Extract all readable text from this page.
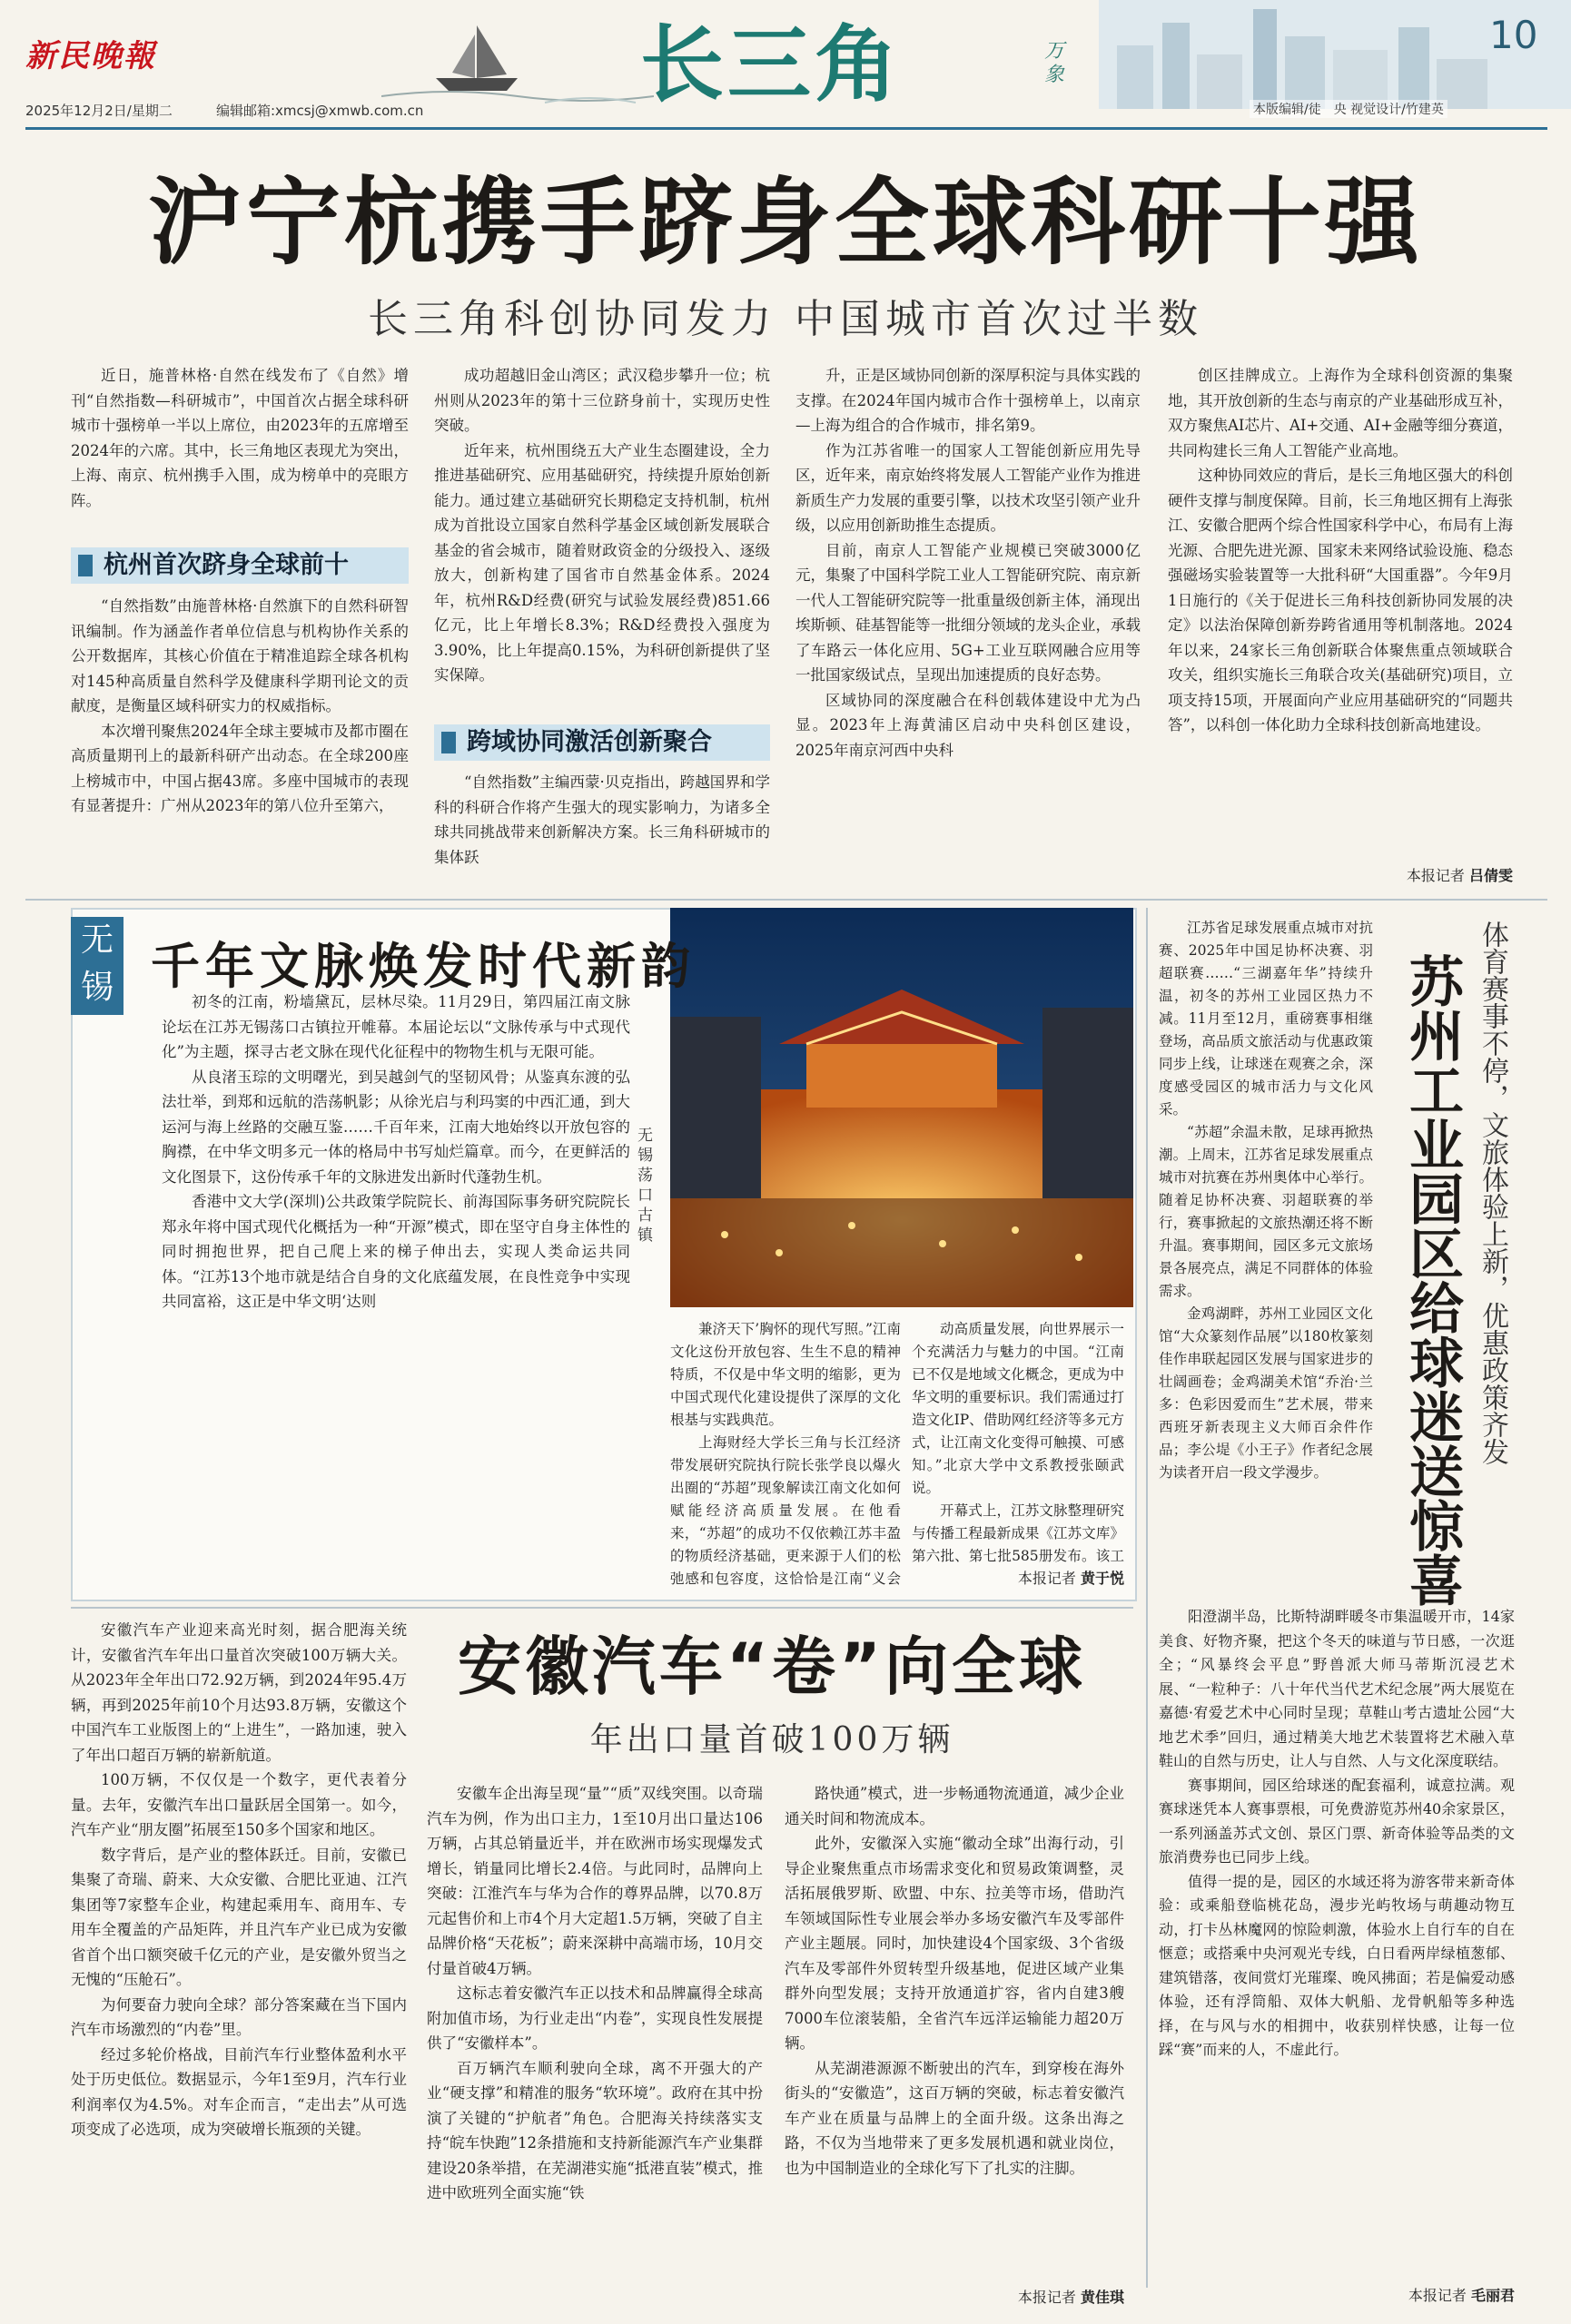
新民晚報
2025年12月2日/星期二	编辑邮箱:xmcsj@xmwb.com.cn	长三角	万象
10
本版编辑/徒　央 视觉设计/竹建英
沪宁杭携手跻身全球科研十强
长三角科创协同发力 中国城市首次过半数

近日，施普林格·自然在线发布了《自然》增刊“自然指数—科研城市”，中国首次占据全球科研城市十强榜单一半以上席位，由2023年的五席增至2024年的六席。其中，长三角地区表现尤为突出，上海、南京、杭州携手入围，成为榜单中的亮眼方阵。

杭州首次跻身全球前十

“自然指数”由施普林格·自然旗下的自然科研智讯编制。作为涵盖作者单位信息与机构协作关系的公开数据库，其核心价值在于精准追踪全球各机构对145种高质量自然科学及健康科学期刊论文的贡献度，是衡量区域科研实力的权威指标。

本次增刊聚焦2024年全球主要城市及都市圈在高质量期刊上的最新科研产出动态。在全球200座上榜城市中，中国占据43席。多座中国城市的表现有显著提升：广州从2023年的第八位升至第六，

成功超越旧金山湾区；武汉稳步攀升一位；杭州则从2023年的第十三位跻身前十，实现历史性突破。

近年来，杭州围绕五大产业生态圈建设，全力推进基础研究、应用基础研究，持续提升原始创新能力。通过建立基础研究长期稳定支持机制，杭州成为首批设立国家自然科学基金区域创新发展联合基金的省会城市，随着财政资金的分级投入、逐级放大，创新构建了国省市自然基金体系。2024年，杭州R&D经费(研究与试验发展经费)851.66亿元，比上年增长8.3%；R&D经费投入强度为3.90%，比上年提高0.15%，为科研创新提供了坚实保障。

跨域协同激活创新聚合

“自然指数”主编西蒙·贝克指出，跨越国界和学科的科研合作将产生强大的现实影响力，为诸多全球共同挑战带来创新解决方案。长三角科研城市的集体跃

升，正是区域协同创新的深厚积淀与具体实践的支撑。在2024年国内城市合作十强榜单上，以南京—上海为组合的合作城市，排名第9。

作为江苏省唯一的国家人工智能创新应用先导区，近年来，南京始终将发展人工智能产业作为推进新质生产力发展的重要引擎，以技术攻坚引领产业升级，以应用创新助推生态提质。

目前，南京人工智能产业规模已突破3000亿元，集聚了中国科学院工业人工智能研究院、南京新一代人工智能研究院等一批重量级创新主体，涌现出埃斯顿、硅基智能等一批细分领域的龙头企业，承载了车路云一体化应用、5G+工业互联网融合应用等一批国家级试点，呈现出加速提质的良好态势。

区域协同的深度融合在科创载体建设中尤为凸显。2023年上海黄浦区启动中央科创区建设，2025年南京河西中央科

创区挂牌成立。上海作为全球科创资源的集聚地，其开放创新的生态与南京的产业基础形成互补，双方聚焦AI芯片、AI+交通、AI+金融等细分赛道，共同构建长三角人工智能产业高地。

这种协同效应的背后，是长三角地区强大的科创硬件支撑与制度保障。目前，长三角地区拥有上海张江、安徽合肥两个综合性国家科学中心，布局有上海光源、合肥先进光源、国家未来网络试验设施、稳态强磁场实验装置等一大批科研“大国重器”。今年9月1日施行的《关于促进长三角科技创新协同发展的决定》以法治保障创新券跨省通用等机制落地。2024年以来，24家长三角创新联合体聚焦重点领域联合攻关，组织实施长三角联合攻关(基础研究)项目，立项支持15项，开展面向产业应用基础研究的“同题共答”，以科创一体化助力全球科技创新高地建设。

本报记者 吕倩雯
无
锡 千年文脉焕发时代新韵
无锡荡口古镇

初冬的江南，粉墙黛瓦，层林尽染。11月29日，第四届江南文脉论坛在江苏无锡荡口古镇拉开帷幕。本届论坛以“文脉传承与中式现代化”为主题，探寻古老文脉在现代化征程中的物物生机与无限可能。

从良渚玉琮的文明曙光，到吴越剑气的坚韧风骨；从鉴真东渡的弘法壮举，到郑和远航的浩荡帆影；从徐光启与利玛窦的中西汇通，到大运河与海上丝路的交融互鉴……千百年来，江南大地始终以开放包容的胸襟，在中华文明多元一体的格局中书写灿烂篇章。而今，在更鲜活的文化图景下，这份传承千年的文脉进发出新时代蓬勃生机。

香港中文大学(深圳)公共政策学院院长、前海国际事务研究院院长郑永年将中国式现代化概括为一种“开源”模式，即在坚守自身主体性的同时拥抱世界，把自己爬上来的梯子伸出去，实现人类命运共同体。“江苏13个地市就是结合自身的文化底蕴发展，在良性竞争中实现共同富裕，这正是中华文明‘达则

兼济天下’胸怀的现代写照。”江南文化这份开放包容、生生不息的精神特质，不仅是中华文明的缩影，更为中国式现代化建设提供了深厚的文化根基与实践典范。

上海财经大学长三角与长江经济带发展研究院执行院长张学良以爆火出圈的“苏超”现象解读江南文化如何赋能经济高质量发展。在他看来，“苏超”的成功不仅依赖江苏丰盈的物质经济基础，更来源于人们的松弛感和包容度，这恰恰是江南“义会

动高质量发展，向世界展示一个充满活力与魅力的中国。“江南已不仅是地域文化概念，更成为中华文明的重要标识。我们需通过打造文化IP、借助网红经济等多元方式，让江南文化变得可触摸、可感知。”北京大学中文系教授张颐武说。

开幕式上，江苏文脉整理研究与传播工程最新成果《江苏文库》第六批、第七批585册发布。该工

本报记者 黄于悦

江苏省足球发展重点城市对抗赛、2025年中国足协杯决赛、羽超联赛……“三湖嘉年华”持续升温，初冬的苏州工业园区热力不减。11月至12月，重磅赛事相继登场，高品质文旅活动与优惠政策同步上线，让球迷在观赛之余，深度感受园区的城市活力与文化风采。

“苏超”余温未散，足球再掀热潮。上周末，江苏省足球发展重点城市对抗赛在苏州奥体中心举行。随着足协杯决赛、羽超联赛的举行，赛事掀起的文旅热潮还将不断升温。赛事期间，园区多元文旅场景各展亮点，满足不同群体的体验需求。

金鸡湖畔，苏州工业园区文化馆“大众篆刻作品展”以180枚篆刻佳作串联起园区发展与国家进步的壮阔画卷；金鸡湖美术馆“乔治·兰多：色彩因爱而生”艺术展，带来西班牙新表现主义大师百余件作品；李公堤《小王子》作者纪念展为读者开启一段文学漫步。

体育赛事不停，文旅体验上新，优惠政策齐发
苏州工业园区给球迷送惊喜

阳澄湖半岛，比斯特湖畔暖冬市集温暖开市，14家美食、好物齐聚，把这个冬天的味道与节日感，一次逛全；“风暴终会平息”野兽派大师马蒂斯沉浸艺术展、“一粒种子：八十年代当代艺术纪念展”两大展览在嘉德·宥爱艺术中心同时呈现；草鞋山考古遗址公园“大地艺术季”回归，通过精美大地艺术装置将艺术融入草鞋山的自然与历史，让人与自然、人与文化深度联结。

赛事期间，园区给球迷的配套福利，诚意拉满。观赛球迷凭本人赛事票根，可免费游览苏州40余家景区，一系列涵盖苏式文创、景区门票、新奇体验等品类的文旅消费券也已同步上线。

值得一提的是，园区的水域还将为游客带来新奇体验：或乘船登临桃花岛，漫步光屿牧场与萌趣动物互动，打卡丛林魔网的惊险刺激，体验水上自行车的自在惬意；或搭乘中央河观光专线，白日看两岸绿植葱郁、建筑错落，夜间赏灯光璀璨、晚风拂面；若是偏爱动感体验，还有浮筒船、双体大帆船、龙骨帆船等多种选择，在与风与水的相拥中，收获别样快感，让每一位踩“赛”而来的人，不虚此行。

本报记者 毛丽君

安徽汽车产业迎来高光时刻，据合肥海关统计，安徽省汽车年出口量首次突破100万辆大关。从2023年全年出口72.92万辆，到2024年95.4万辆，再到2025年前10个月达93.8万辆，安徽这个中国汽车工业版图上的“上进生”，一路加速，驶入了年出口超百万辆的崭新航道。

100万辆，不仅仅是一个数字，更代表着分量。去年，安徽汽车出口量跃居全国第一。如今，汽车产业“朋友圈”拓展至150多个国家和地区。

数字背后，是产业的整体跃迁。目前，安徽已集聚了奇瑞、蔚来、大众安徽、合肥比亚迪、江汽集团等7家整车企业，构建起乘用车、商用车、专用车全覆盖的产品矩阵，并且汽车产业已成为安徽省首个出口额突破千亿元的产业，是安徽外贸当之无愧的“压舱石”。

为何要奋力驶向全球？部分答案藏在当下国内汽车市场激烈的“内卷”里。

经过多轮价格战，目前汽车行业整体盈利水平处于历史低位。数据显示，今年1至9月，汽车行业利润率仅为4.5%。对车企而言，“走出去”从可选项变成了必选项，成为突破增长瓶颈的关键。

安徽汽车“卷”向全球
年出口量首破100万辆

安徽车企出海呈现“量”“质”双线突围。以奇瑞汽车为例，作为出口主力，1至10月出口量达106万辆，占其总销量近半，并在欧洲市场实现爆发式增长，销量同比增长2.4倍。与此同时，品牌向上突破：江淮汽车与华为合作的尊界品牌，以70.8万元起售价和上市4个月大定超1.5万辆，突破了自主品牌价格“天花板”；蔚来深耕中高端市场，10月交付量首破4万辆。

这标志着安徽汽车正以技术和品牌赢得全球高附加值市场，为行业走出“内卷”，实现良性发展提供了“安徽样本”。

百万辆汽车顺利驶向全球，离不开强大的产业“硬支撑”和精准的服务“软环境”。政府在其中扮演了关键的“护航者”角色。合肥海关持续落实支持“皖车快跑”12条措施和支持新能源汽车产业集群建设20条举措，在芜湖港实施“抵港直装”模式，推进中欧班列全面实施“铁

路快通”模式，进一步畅通物流通道，减少企业通关时间和物流成本。

此外，安徽深入实施“徽动全球”出海行动，引导企业聚焦重点市场需求变化和贸易政策调整，灵活拓展俄罗斯、欧盟、中东、拉美等市场，借助汽车领域国际性专业展会举办多场安徽汽车及零部件产业主题展。同时，加快建设4个国家级、3个省级汽车及零部件外贸转型升级基地，促进区域产业集群外向型发展；支持开放通道扩容，省内自建3艘7000车位滚装船，全省汽车远洋运输能力超20万辆。

从芜湖港源源不断驶出的汽车，到穿梭在海外街头的“安徽造”，这百万辆的突破，标志着安徽汽车产业在质量与品牌上的全面升级。这条出海之路，不仅为当地带来了更多发展机遇和就业岗位，也为中国制造业的全球化写下了扎实的注脚。

本报记者 黄佳琪
